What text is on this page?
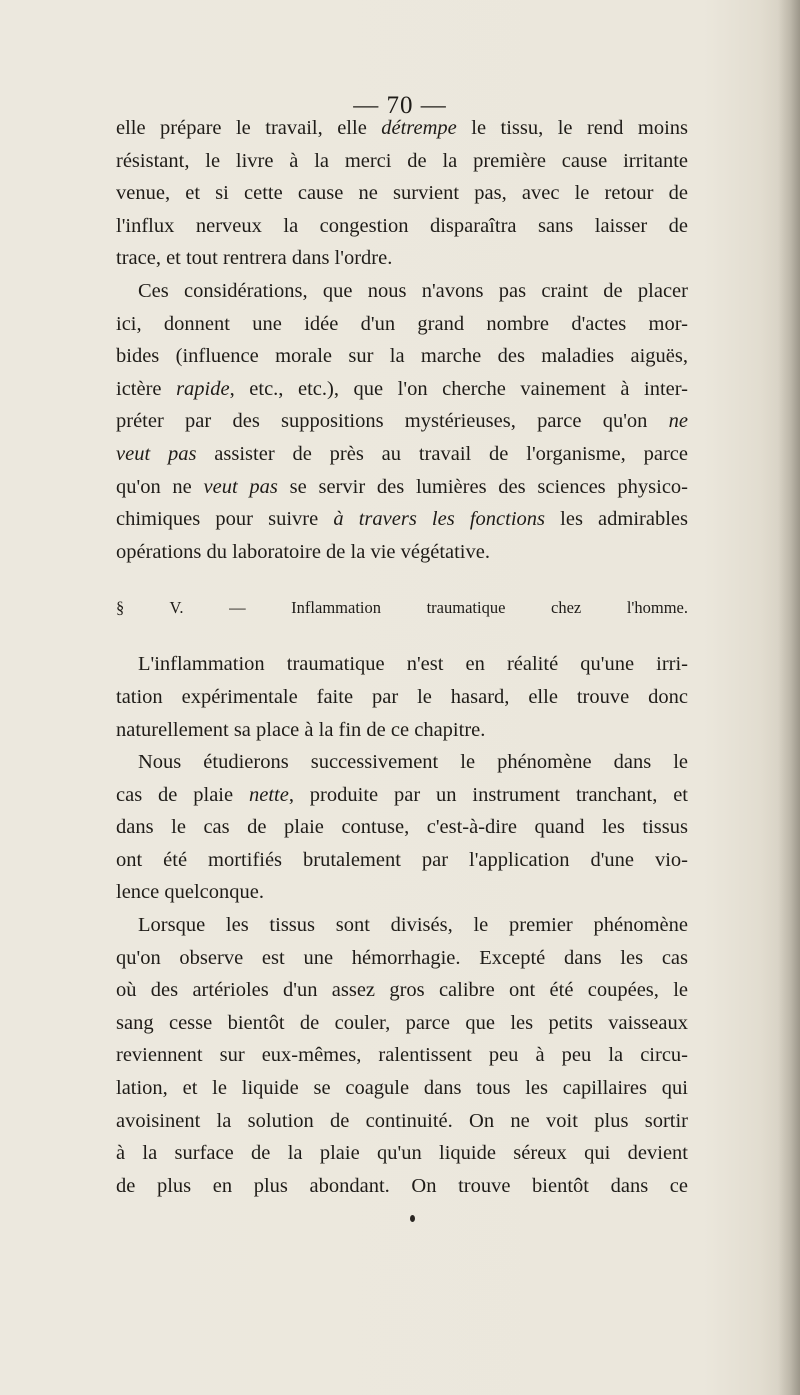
— 70 —

elle prépare le travail, elle détrempe le tissu, le rend moins

résistant, le livre à la merci de la première cause irritante

venue, et si cette cause ne survient pas, avec le retour de

l'influx nerveux la congestion disparaîtra sans laisser de

trace, et tout rentrera dans l'ordre.

Ces considérations, que nous n'avons pas craint de placer

ici, donnent une idée d'un grand nombre d'actes mor-

bides (influence morale sur la marche des maladies aiguës,

ictère rapide, etc., etc.), que l'on cherche vainement à inter-

préter par des suppositions mystérieuses, parce qu'on ne

veut pas assister de près au travail de l'organisme, parce

qu'on ne veut pas se servir des lumières des sciences physico-

chimiques pour suivre à travers les fonctions les admirables

opérations du laboratoire de la vie végétative.

§ V. — Inflammation traumatique chez l'homme.

L'inflammation traumatique n'est en réalité qu'une irri-

tation expérimentale faite par le hasard, elle trouve donc

naturellement sa place à la fin de ce chapitre.

Nous étudierons successivement le phénomène dans le

cas de plaie nette, produite par un instrument tranchant, et

dans le cas de plaie contuse, c'est-à-dire quand les tissus

ont été mortifiés brutalement par l'application d'une vio-

lence quelconque.

Lorsque les tissus sont divisés, le premier phénomène

qu'on observe est une hémorrhagie. Excepté dans les cas

où des artérioles d'un assez gros calibre ont été coupées, le

sang cesse bientôt de couler, parce que les petits vaisseaux

reviennent sur eux-mêmes, ralentissent peu à peu la circu-

lation, et le liquide se coagule dans tous les capillaires qui

avoisinent la solution de continuité. On ne voit plus sortir

à la surface de la plaie qu'un liquide séreux qui devient

de plus en plus abondant. On trouve bientôt dans ce
